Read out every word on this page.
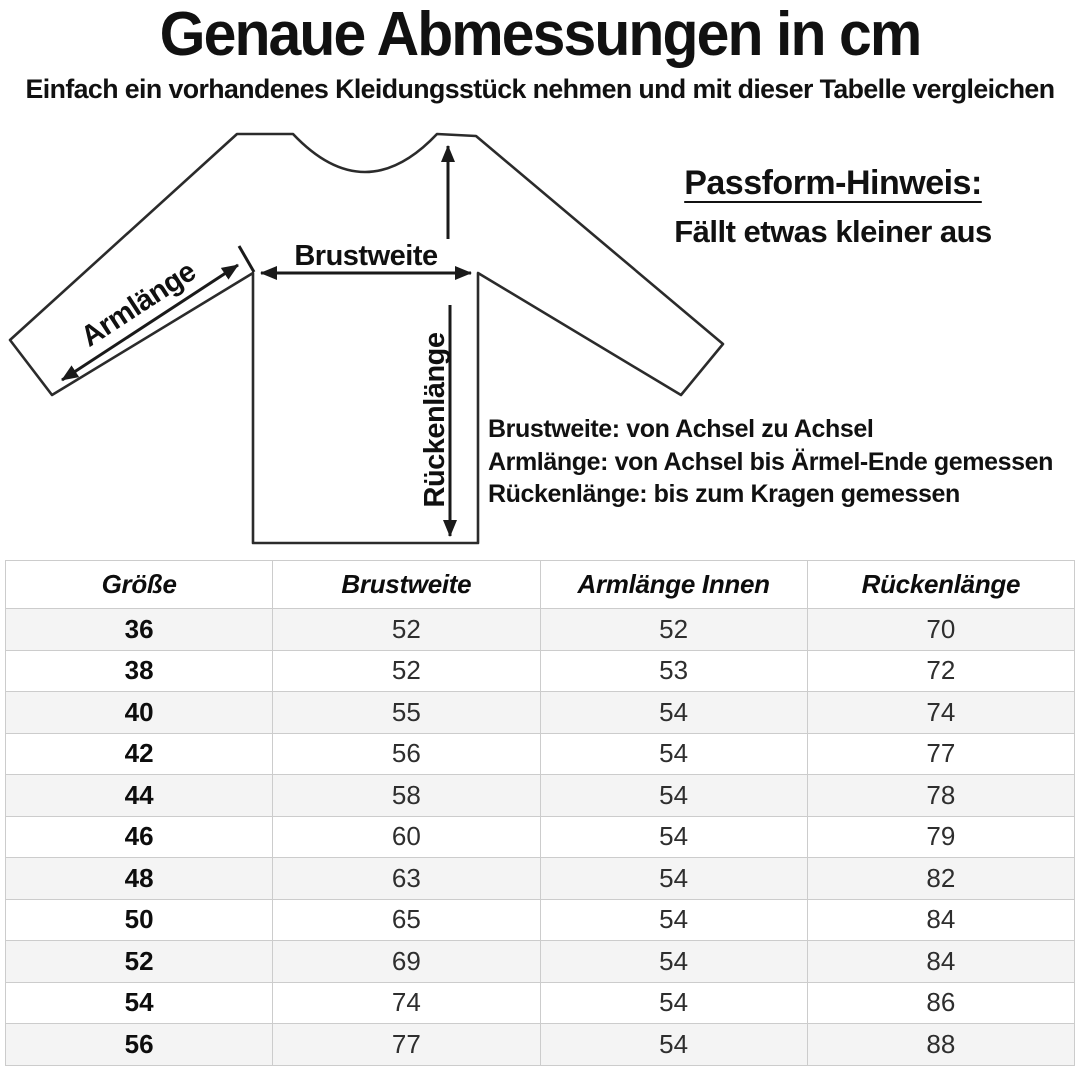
Genaue Abmessungen in cm
Einfach ein vorhandenes Kleidungsstück nehmen und mit dieser Tabelle vergleichen
Armlänge	Brustweite
Rückenlänge
Passform-Hinweis:
Fällt etwas kleiner aus
Brustweite: von Achsel zu Achsel
Armlänge: von Achsel bis Ärmel-Ende gemessen
Rückenlänge: bis zum Kragen gemessen
Größe	Brustweite	Armlänge Innen	Rückenlänge
36	52	52	70
38	52	53	72
40	55	54	74
42	56	54	77
44	58	54	78
46	60	54	79
48	63	54	82
50	65	54	84
52	69	54	84
54	74	54	86
56	77	54	88
